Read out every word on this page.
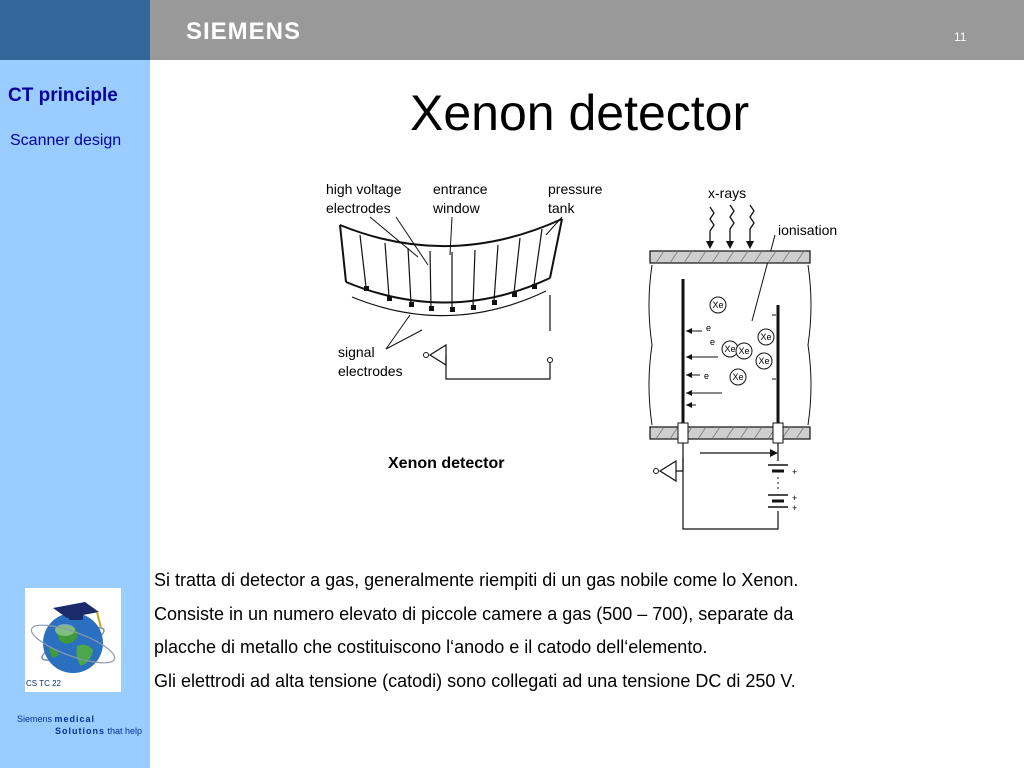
SIEMENS	11
CT principle
Scanner design
CS TC 22
Siemens medical
Solutions that help
Xenon detector
high voltage
electrodes
entrance
window
pressure
tank
signal
electrodes
Xenon detector
x-rays
ionisation
Xe
Xe Xe
Xe
Xe
Xe
e
e
e
+
+
+

Si tratta di detector a gas, generalmente riempiti di un gas nobile come lo Xenon.

Consiste in un numero elevato di piccole camere a gas (500 – 700), separate da

placche di metallo che costituiscono l‘anodo e il catodo dell‘elemento.

Gli elettrodi ad alta tensione (catodi) sono collegati ad una tensione DC di 250 V.
